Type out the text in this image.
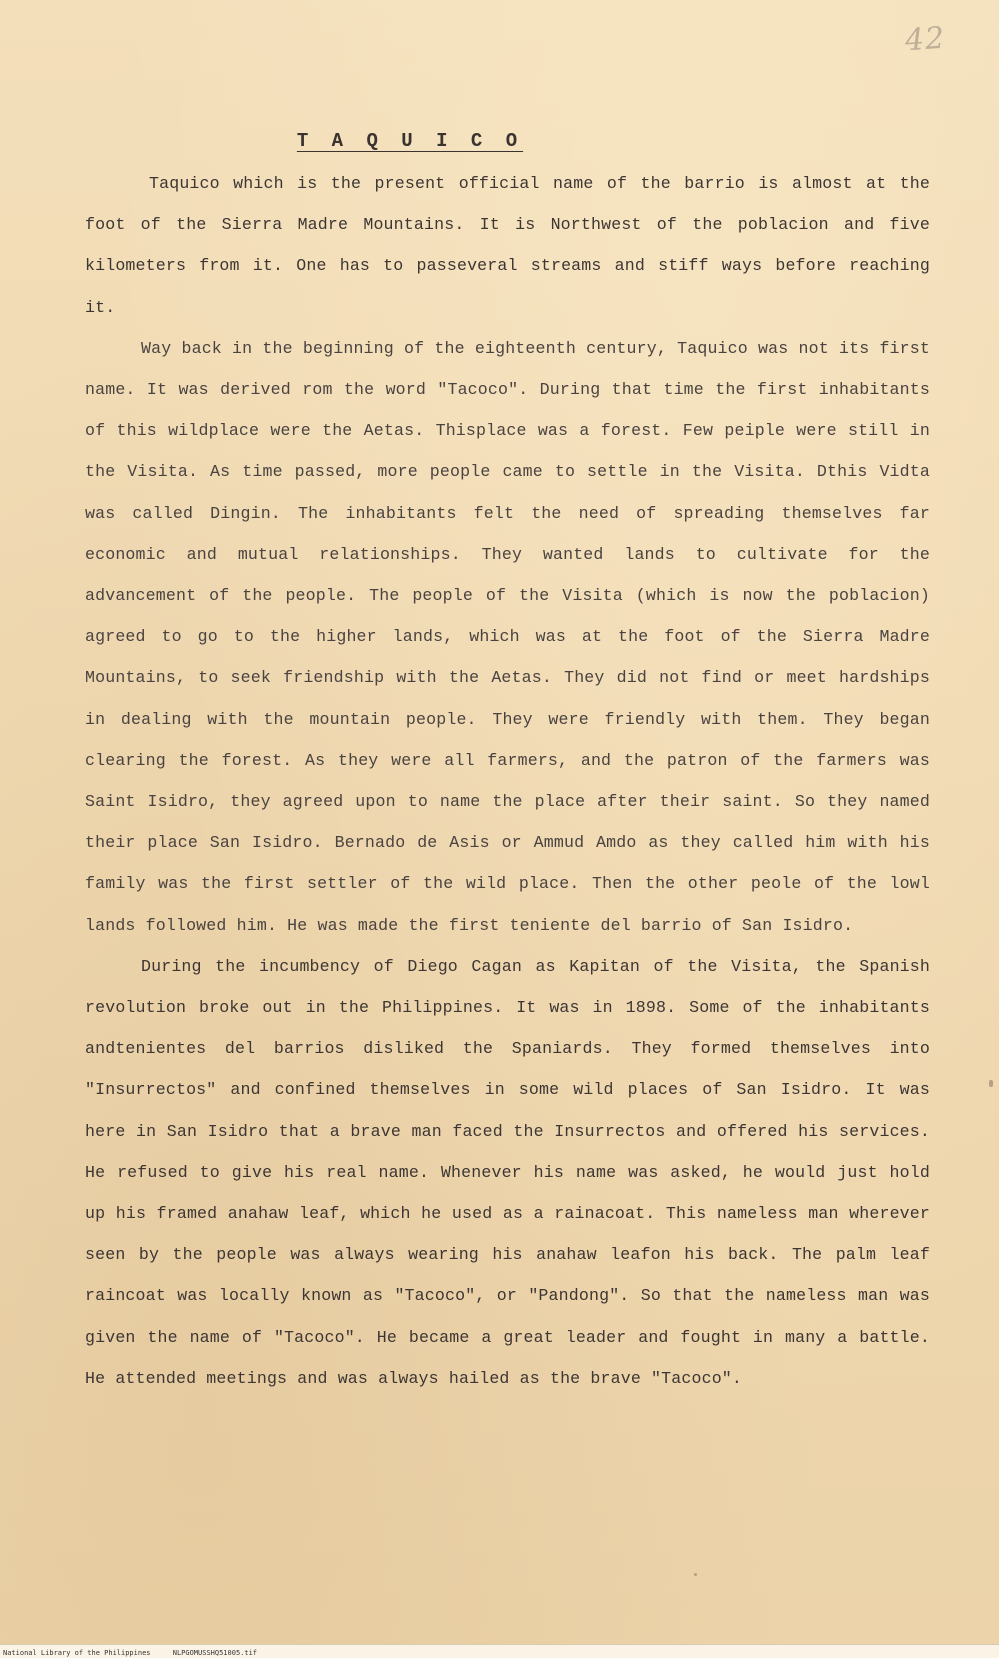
42
T A Q U I C O

Taquico which is the present official name of the barrio is almost at the foot of the Sierra Madre Mountains. It is Northwest of the poblacion and five kilometers from it. One has to passeveral streams and stiff ways before reaching it.

Way back in the beginning of the eighteenth century, Taquico was not its first name. It was derived rom the word "Tacoco". During that time the first inhabitants of this wildplace were the Aetas. Thisplace was a forest. Few peiple were still in the Visita. As time passed, more people came to settle in the Visita. Dthis Vidta was called Dingin. The inhabitants felt the need of spreading themselves far economic and mutual relationships. They wanted lands to cultivate for the advancement of the people. The people of the Visita (which is now the poblacion) agreed to go to the higher lands, which was at the foot of the Sierra Madre Mountains, to seek friendship with the Aetas. They did not find or meet hardships in dealing with the mountain people. They were friendly with them. They began clearing the forest. As they were all farmers, and the patron of the farmers was Saint Isidro, they agreed upon to name the place after their saint. So they named their place San Isidro. Bernado de Asis or Ammud Amdo as they called him with his family was the first settler of the wild place. Then the other peole of the lowl lands followed him. He was made the first teniente del barrio of San Isidro.

During the incumbency of Diego Cagan as Kapitan of the Visita, the Spanish revolution broke out in the Philippines. It was in 1898. Some of the inhabitants andtenientes del barrios disliked the Spaniards. They formed themselves into "Insurrectos" and confined themselves in some wild places of San Isidro. It was here in San Isidro that a brave man faced the Insurrectos and offered his services. He refused to give his real name. Whenever his name was asked, he would just hold up his framed anahaw leaf, which he used as a rainacoat. This nameless man wherever seen by the people was always wearing his anahaw leafon his back. The palm leaf raincoat was locally known as "Tacoco", or "Pandong". So that the nameless man was given the name of "Tacoco". He became a great leader and fought in many a battle. He attended meetings and was always hailed as the brave "Tacoco".

National Library of the Philippines	NLPGOMUSSHQ51005.tif
